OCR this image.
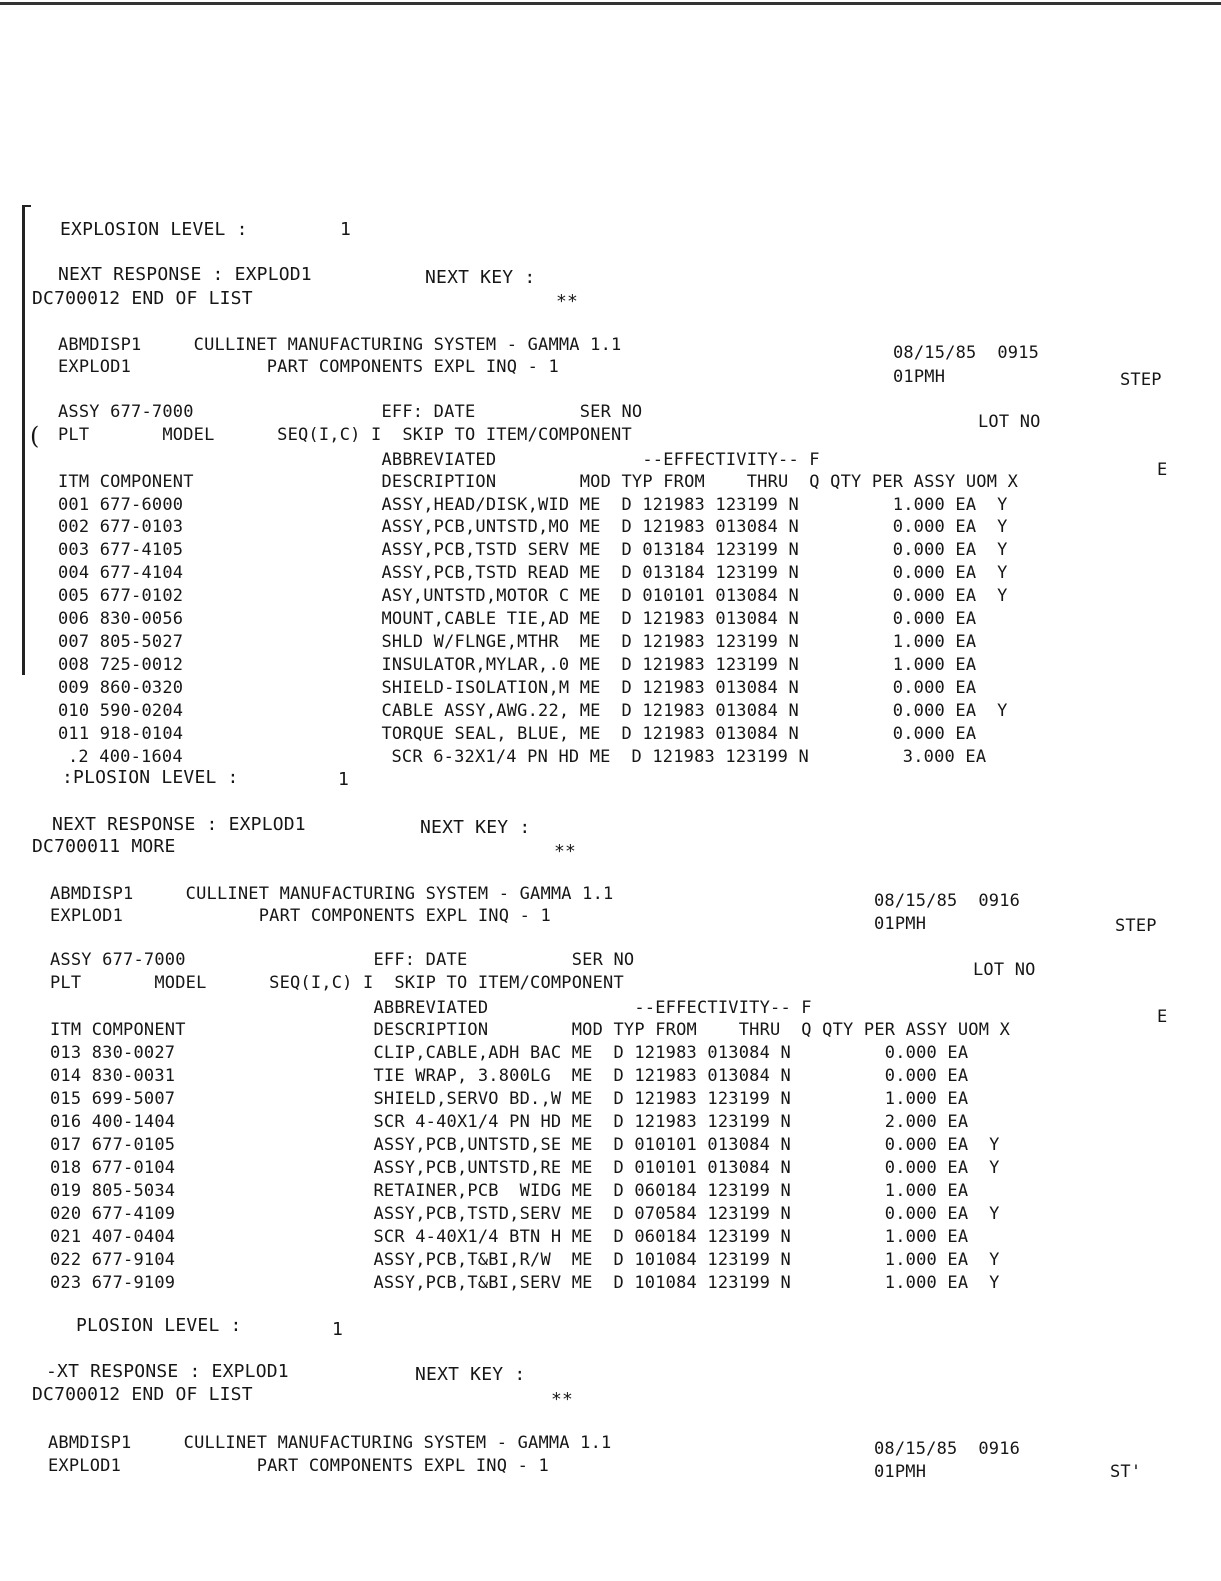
(
EXPLOSION LEVEL :	1
NEXT RESPONSE : EXPLOD1	NEXT KEY :
DC700012 END OF LIST	**
ABMDISP1     CULLINET MANUFACTURING SYSTEM - GAMMA 1.1	08/15/85  0915
EXPLOD1             PART COMPONENTS EXPL INQ - 1	01PMH	STEP
ASSY 677-7000                  EFF: DATE          SER NO	LOT NO
PLT       MODEL      SEQ(I,C) I  SKIP TO ITEM/COMPONENT
ABBREVIATED              --EFFECTIVITY-- F	E
ITM COMPONENT                  DESCRIPTION        MOD TYP FROM    THRU  Q QTY PER ASSY UOM X
001 677-6000                   ASSY,HEAD/DISK,WID ME  D 121983 123199 N         1.000 EA  Y
002 677-0103                   ASSY,PCB,UNTSTD,MO ME  D 121983 013084 N         0.000 EA  Y
003 677-4105                   ASSY,PCB,TSTD SERV ME  D 013184 123199 N         0.000 EA  Y
004 677-4104                   ASSY,PCB,TSTD READ ME  D 013184 123199 N         0.000 EA  Y
005 677-0102                   ASY,UNTSTD,MOTOR C ME  D 010101 013084 N         0.000 EA  Y
006 830-0056                   MOUNT,CABLE TIE,AD ME  D 121983 013084 N         0.000 EA
007 805-5027                   SHLD W/FLNGE,MTHR  ME  D 121983 123199 N         1.000 EA
008 725-0012                   INSULATOR,MYLAR,.0 ME  D 121983 123199 N         1.000 EA
009 860-0320                   SHIELD-ISOLATION,M ME  D 121983 013084 N         0.000 EA
010 590-0204                   CABLE ASSY,AWG.22, ME  D 121983 013084 N         0.000 EA  Y
011 918-0104                   TORQUE SEAL, BLUE, ME  D 121983 013084 N         0.000 EA
.2 400-1604                    SCR 6-32X1/4 PN HD ME  D 121983 123199 N         3.000 EA
:PLOSION LEVEL :	1
NEXT RESPONSE : EXPLOD1	NEXT KEY :
DC700011 MORE	**
ABMDISP1     CULLINET MANUFACTURING SYSTEM - GAMMA 1.1	08/15/85  0916
EXPLOD1             PART COMPONENTS EXPL INQ - 1	01PMH	STEP
ASSY 677-7000                  EFF: DATE          SER NO	LOT NO
PLT       MODEL      SEQ(I,C) I  SKIP TO ITEM/COMPONENT
ABBREVIATED              --EFFECTIVITY-- F	E
ITM COMPONENT                  DESCRIPTION        MOD TYP FROM    THRU  Q QTY PER ASSY UOM X
013 830-0027                   CLIP,CABLE,ADH BAC ME  D 121983 013084 N         0.000 EA
014 830-0031                   TIE WRAP, 3.800LG  ME  D 121983 013084 N         0.000 EA
015 699-5007                   SHIELD,SERVO BD.,W ME  D 121983 123199 N         1.000 EA
016 400-1404                   SCR 4-40X1/4 PN HD ME  D 121983 123199 N         2.000 EA
017 677-0105                   ASSY,PCB,UNTSTD,SE ME  D 010101 013084 N         0.000 EA  Y
018 677-0104                   ASSY,PCB,UNTSTD,RE ME  D 010101 013084 N         0.000 EA  Y
019 805-5034                   RETAINER,PCB  WIDG ME  D 060184 123199 N         1.000 EA
020 677-4109                   ASSY,PCB,TSTD,SERV ME  D 070584 123199 N         0.000 EA  Y
021 407-0404                   SCR 4-40X1/4 BTN H ME  D 060184 123199 N         1.000 EA
022 677-9104                   ASSY,PCB,T&BI,R/W  ME  D 101084 123199 N         1.000 EA  Y
023 677-9109                   ASSY,PCB,T&BI,SERV ME  D 101084 123199 N         1.000 EA  Y
PLOSION LEVEL :	1
-XT RESPONSE : EXPLOD1	NEXT KEY :
DC700012 END OF LIST	**
ABMDISP1     CULLINET MANUFACTURING SYSTEM - GAMMA 1.1	08/15/85  0916
EXPLOD1             PART COMPONENTS EXPL INQ - 1	01PMH	ST'
